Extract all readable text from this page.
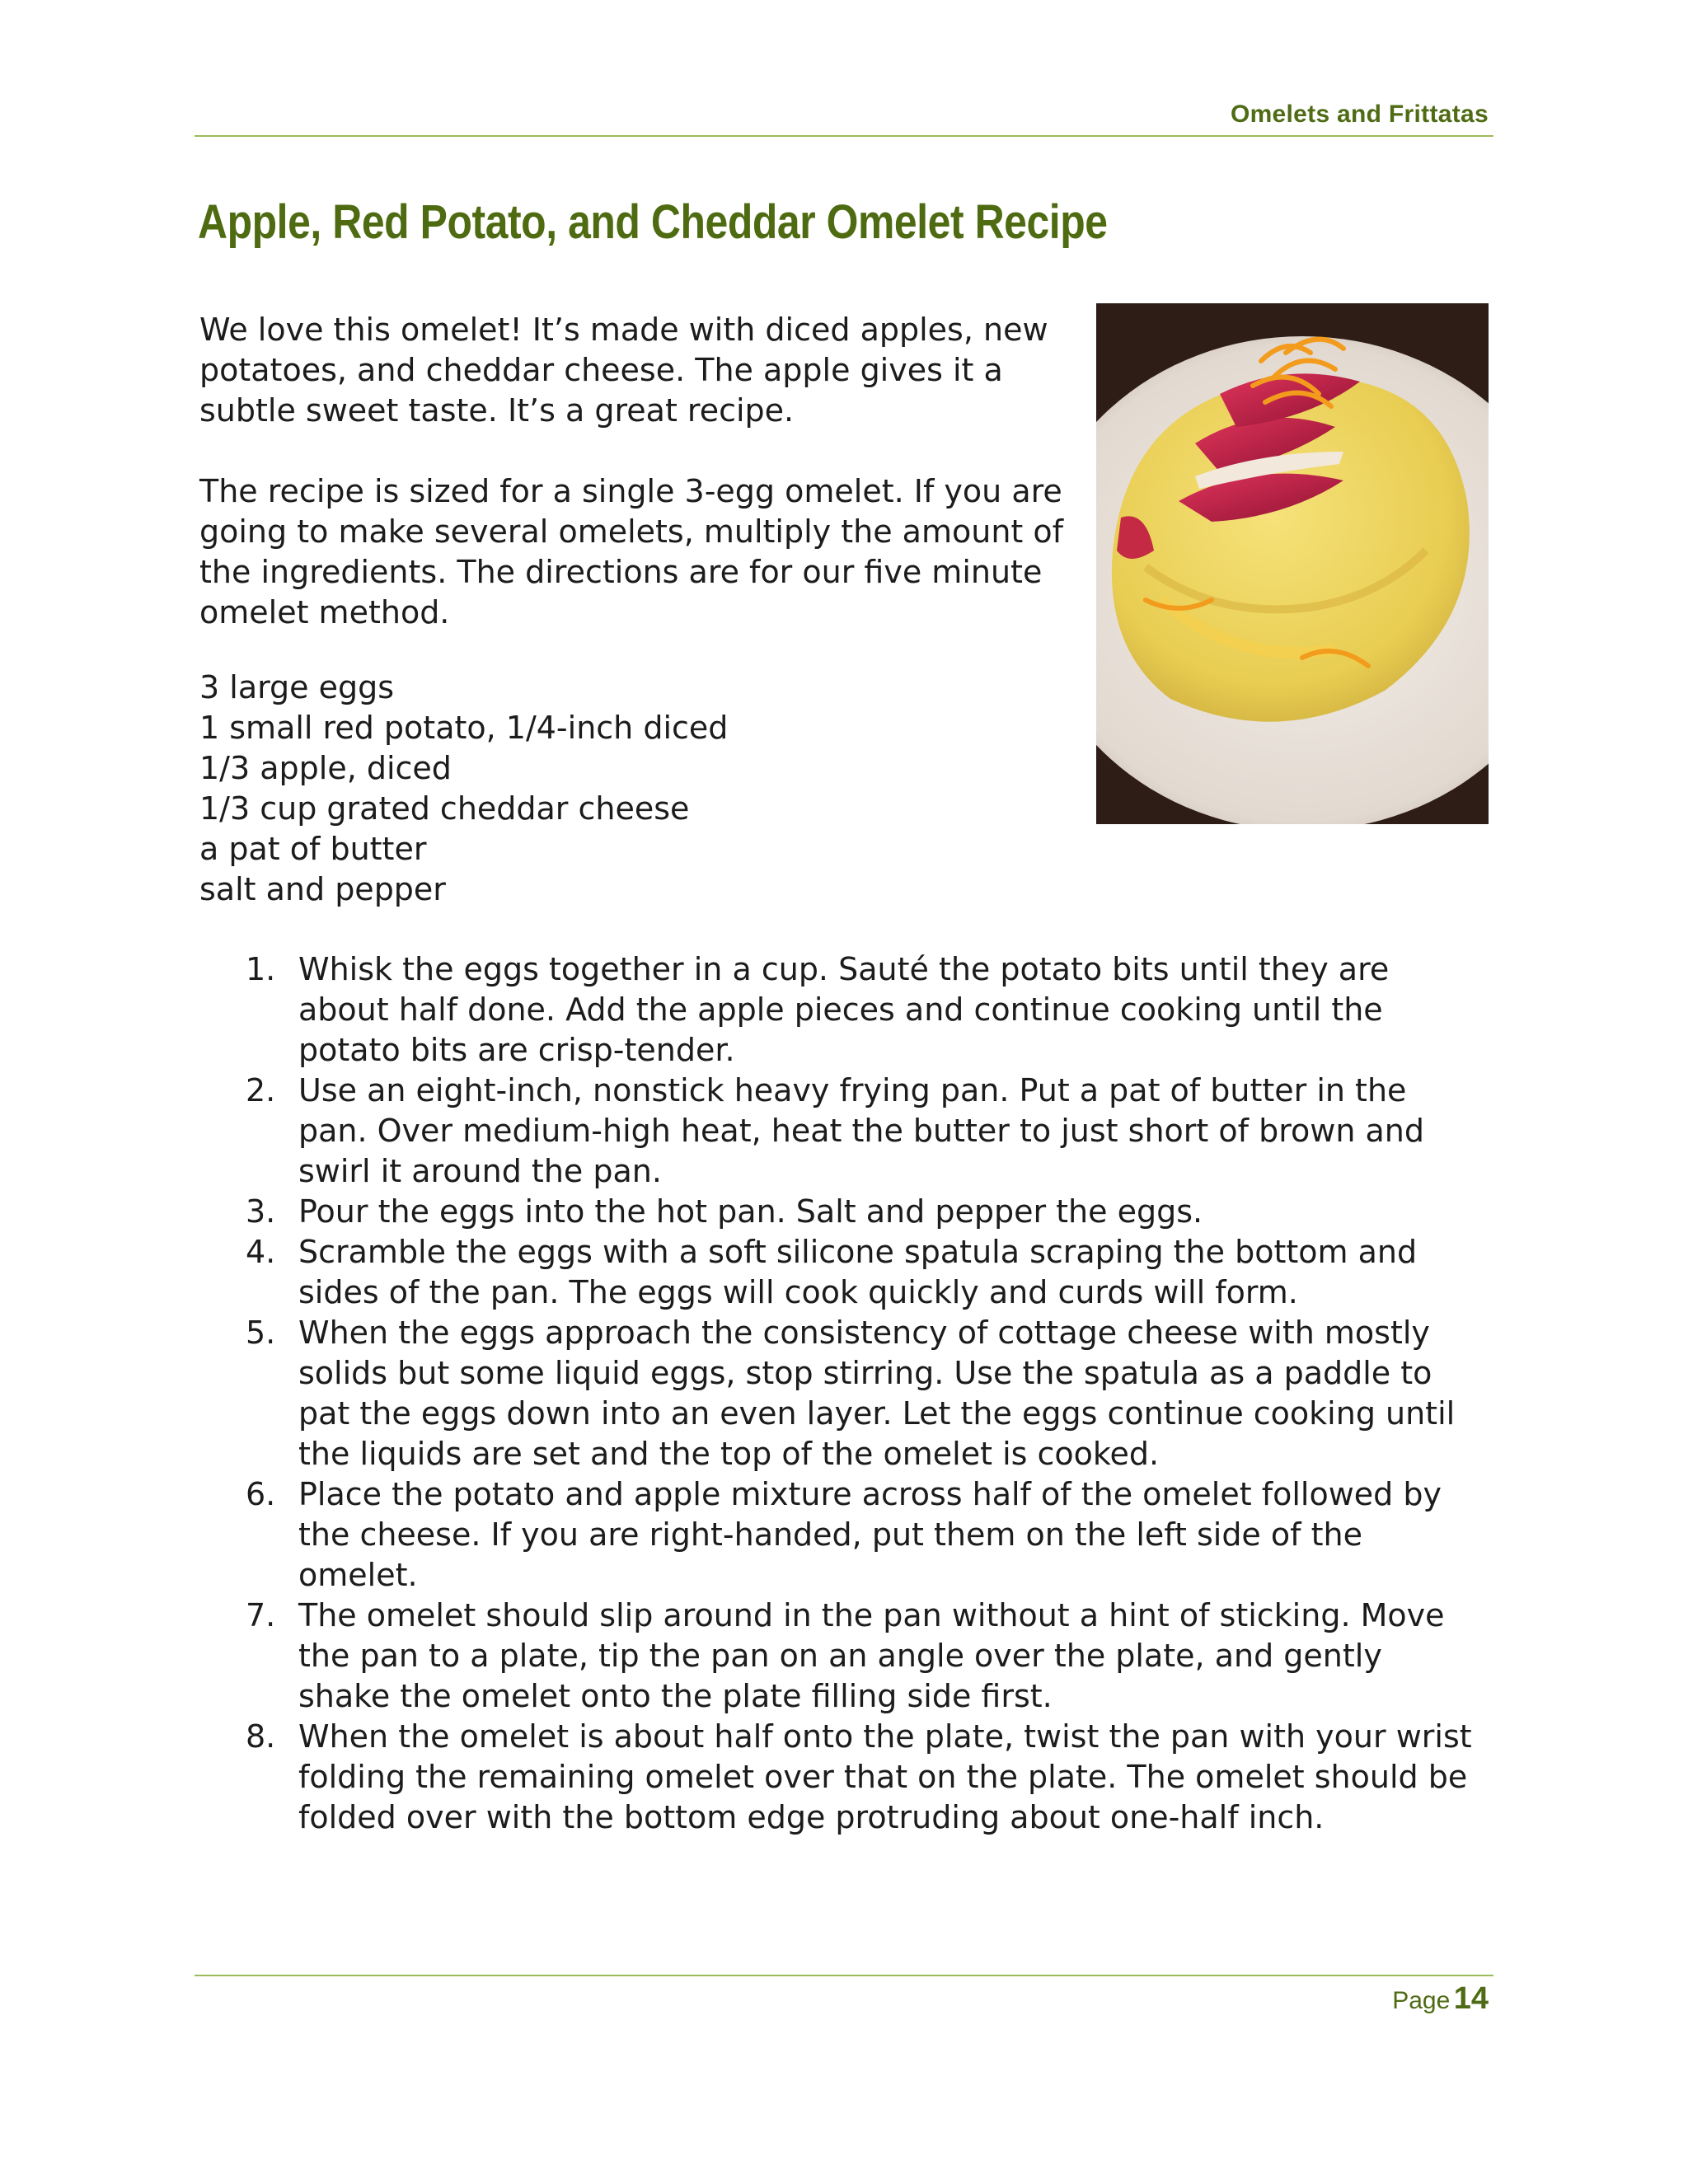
Omelets and Frittatas
Apple, Red Potato, and Cheddar Omelet Recipe

We love this omelet! It’s made with diced apples, new potatoes, and cheddar cheese. The apple gives it a subtle sweet taste. It’s a great recipe.

The recipe is sized for a single 3-egg omelet. If you are going to make several omelets, multiply the amount of the ingredients. The directions are for our five minute omelet method.

3 large eggs
1 small red potato, 1/4-inch diced
1/3 apple, diced
1/3 cup grated cheddar cheese
a pat of butter
salt and pepper
1. Whisk the eggs together in a cup. Sauté the potato bits until they are about half done. Add the apple pieces and continue cooking until the potato bits are crisp-tender.
2. Use an eight-inch, nonstick heavy frying pan. Put a pat of butter in the pan. Over medium-high heat, heat the butter to just short of brown and swirl it around the pan.
3. Pour the eggs into the hot pan. Salt and pepper the eggs.
4. Scramble the eggs with a soft silicone spatula scraping the bottom and sides of the pan. The eggs will cook quickly and curds will form.
5. When the eggs approach the consistency of cottage cheese with mostly solids but some liquid eggs, stop stirring. Use the spatula as a paddle to pat the eggs down into an even layer. Let the eggs continue cooking until the liquids are set and the top of the omelet is cooked.
6. Place the potato and apple mixture across half of the omelet followed by the cheese. If you are right-handed, put them on the left side of the omelet.
7. The omelet should slip around in the pan without a hint of sticking. Move the pan to a plate, tip the pan on an angle over the plate, and gently shake the omelet onto the plate filling side first.
8. When the omelet is about half onto the plate, twist the pan with your wrist folding the remaining omelet over that on the plate. The omelet should be folded over with the bottom edge protruding about one-half inch.
Page 14
